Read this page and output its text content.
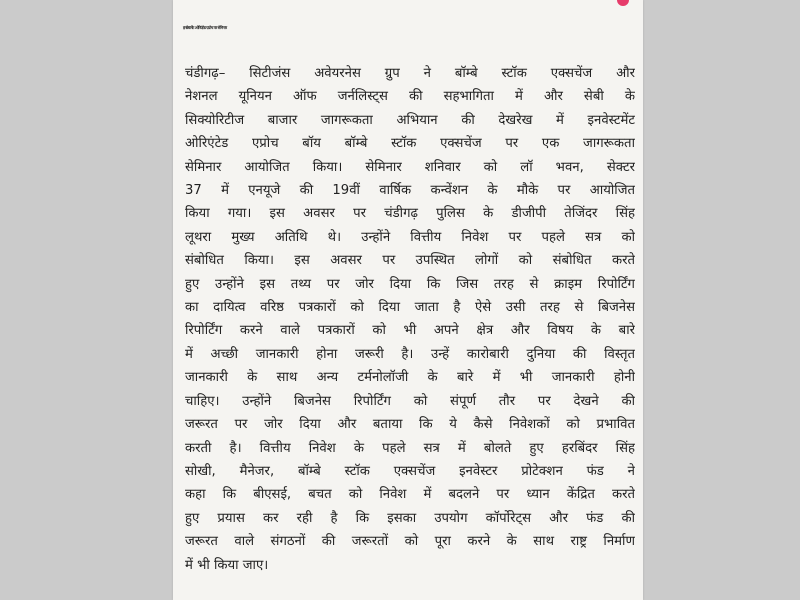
इनवेस्टमेंट ओरिएंटेड एप्रोच पर सेमिनार
चंडीगढ़– सिटीजंस अवेयरनेस ग्रुप ने बॉम्बे स्टॉक एक्सचेंज और
नेशनल यूनियन ऑफ जर्नलिस्ट्स की सहभागिता में और सेबी के
सिक्योरिटीज बाजार जागरूकता अभियान की देखरेख में इनवेस्टमेंट
ओरिएंटेड एप्रोच बॉय बॉम्बे स्टॉक एक्सचेंज पर एक जागरूकता
सेमिनार आयोजित किया। सेमिनार शनिवार को लॉ भवन, सेक्टर
37 में एनयूजे की 19वीं वार्षिक कन्वेंशन के मौके पर आयोजित
किया गया। इस अवसर पर चंडीगढ़ पुलिस के डीजीपी तेजिंदर सिंह
लूथरा मुख्य अतिथि थे। उन्होंने वित्तीय निवेश पर पहले सत्र को
संबोधित किया। इस अवसर पर उपस्थित लोगों को संबोधित करते
हुए उन्होंने इस तथ्य पर जोर दिया कि जिस तरह से क्राइम रिपोर्टिंग
का दायित्व वरिष्ठ पत्रकारों को दिया जाता है ऐसे उसी तरह से बिजनेस
रिपोर्टिंग करने वाले पत्रकारों को भी अपने क्षेत्र और विषय के बारे
में अच्छी जानकारी होना जरूरी है। उन्हें कारोबारी दुनिया की विस्तृत
जानकारी के साथ अन्य टर्मनोलॉजी के बारे में भी जानकारी होनी
चाहिए। उन्होंने बिजनेस रिपोर्टिंग को संपूर्ण तौर पर देखने की
जरूरत पर जोर दिया और बताया कि ये कैसे निवेशकों को प्रभावित
करती है। वित्तीय निवेश के पहले सत्र में बोलते हुए हरबिंदर सिंह
सोखी, मैनेजर, बॉम्बे स्टॉक एक्सचेंज इनवेस्टर प्रोटेक्शन फंड ने
कहा कि बीएसई, बचत को निवेश में बदलने पर ध्यान केंद्रित करते
हुए प्रयास कर रही है कि इसका उपयोग कॉर्पोरेट्स और फंड की
जरूरत वाले संगठनों की जरूरतों को पूरा करने के साथ राष्ट्र निर्माण
में भी किया जाए।
